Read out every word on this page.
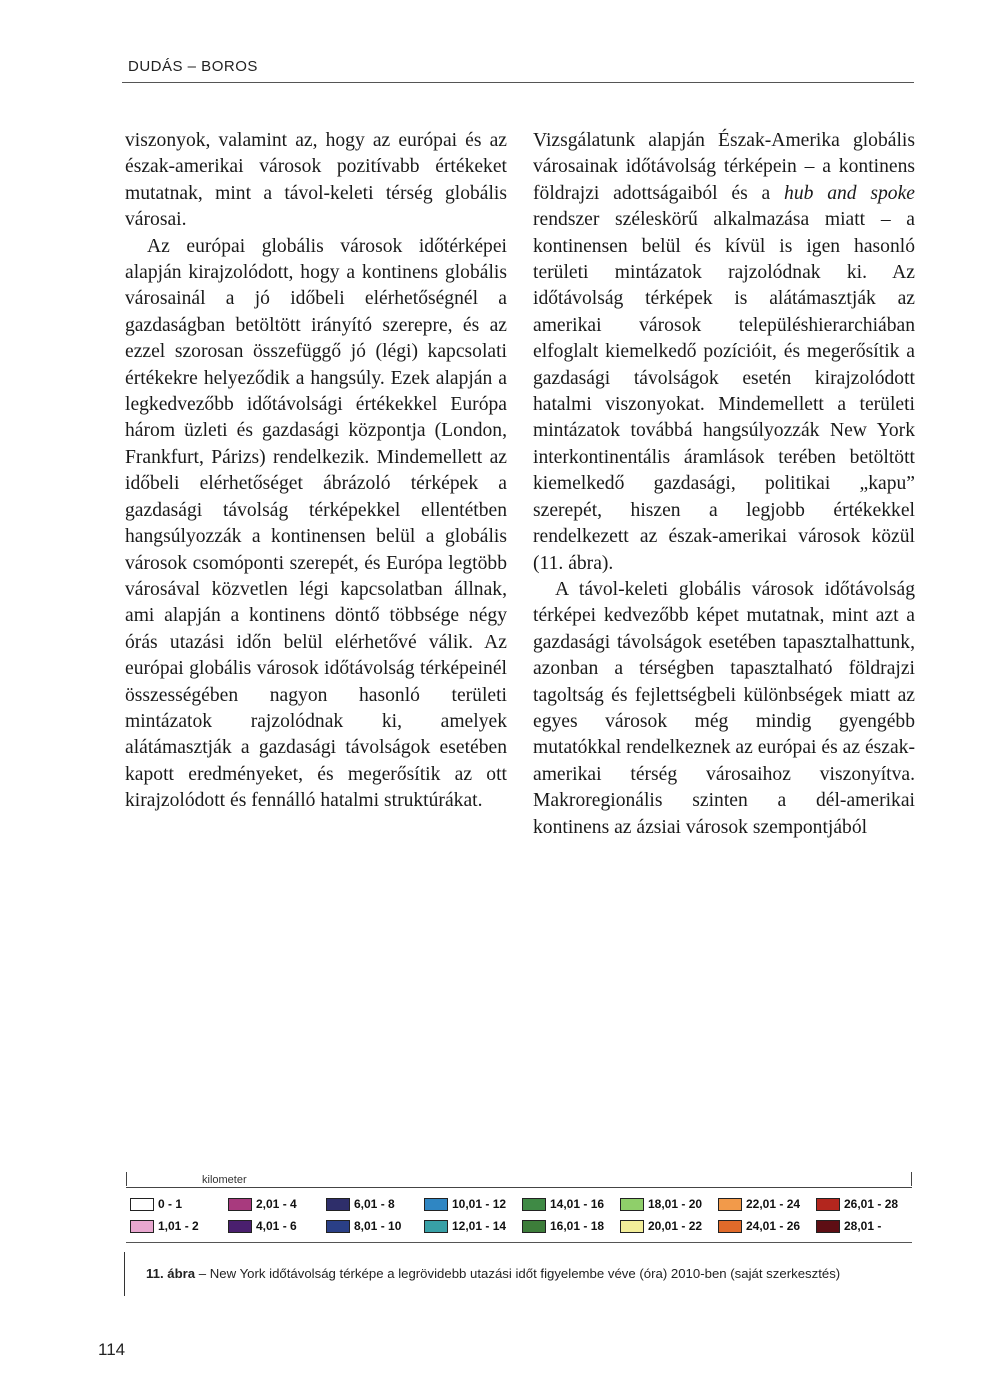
DUDÁS – BOROS

viszonyok, valamint az, hogy az európai és az észak-amerikai városok pozitívabb értékeket mutatnak, mint a távol-keleti térség globális városai.

Az európai globális városok időtérképei alapján kirajzolódott, hogy a kontinens globális városainál a jó időbeli elérhetőségnél a gazdaságban betöltött irányító szerepre, és az ezzel szorosan összefüggő jó (légi) kapcsolati értékekre helyeződik a hangsúly. Ezek alapján a legkedvezőbb időtávolsági értékekkel Európa három üzleti és gazdasági központja (London, Frankfurt, Párizs) rendelkezik. Mindemellett az időbeli elérhetőséget ábrázoló térképek a gazdasági távolság térképekkel ellentétben hangsúlyozzák a kontinensen belül a globális városok csomóponti szerepét, és Európa legtöbb városával közvetlen légi kapcsolatban állnak, ami alapján a kontinens döntő többsége négy órás utazási időn belül elérhetővé válik. Az európai globális városok időtávolság térképeinél összességében nagyon hasonló területi mintázatok rajzolódnak ki, amelyek alátámasztják a gazdasági távolságok esetében kapott eredményeket, és megerősítik az ott kirajzolódott és fennálló hatalmi struktúrákat.

Vizsgálatunk alapján Észak-Amerika globális városainak időtávolság térképein – a kontinens földrajzi adottságaiból és a hub and spoke rendszer széleskörű alkalmazása miatt – a kontinensen belül és kívül is igen hasonló területi mintázatok rajzolódnak ki. Az időtávolság térképek is alátámasztják az amerikai városok településhierarchiában elfoglalt kiemelkedő pozícióit, és megerősítik a gazdasági távolságok esetén kirajzolódott hatalmi viszonyokat. Mindemellett a területi mintázatok továbbá hangsúlyozzák New York interkontinentális áramlások terében betöltött kiemelkedő gazdasági, politikai „kapu” szerepét, hiszen a legjobb értékekkel rendelkezett az észak-amerikai városok közül (11. ábra).

A távol-keleti globális városok időtávolság térképei kedvezőbb képet mutatnak, mint azt a gazdasági távolságok esetében tapasztalhattunk, azonban a térségben tapasztalható földrajzi tagoltság és fejlettségbeli különbségek miatt az egyes városok még mindig gyengébb mutatókkal rendelkeznek az európai és az észak-amerikai térség városaihoz viszonyítva. Makroregionális szinten a dél-amerikai kontinens az ázsiai városok szempontjából

kilometer
0 - 1
1,01 - 2
2,01 - 4
4,01 - 6
6,01 - 8
8,01 - 10
10,01 - 12
12,01 - 14
14,01 - 16
16,01 - 18
18,01 - 20
20,01 - 22
22,01 - 24
24,01 - 26
26,01 - 28
28,01 -
11. ábra – New York időtávolság térképe a legrövidebb utazási időt figyelembe véve (óra) 2010-ben (saját szerkesztés)
114
